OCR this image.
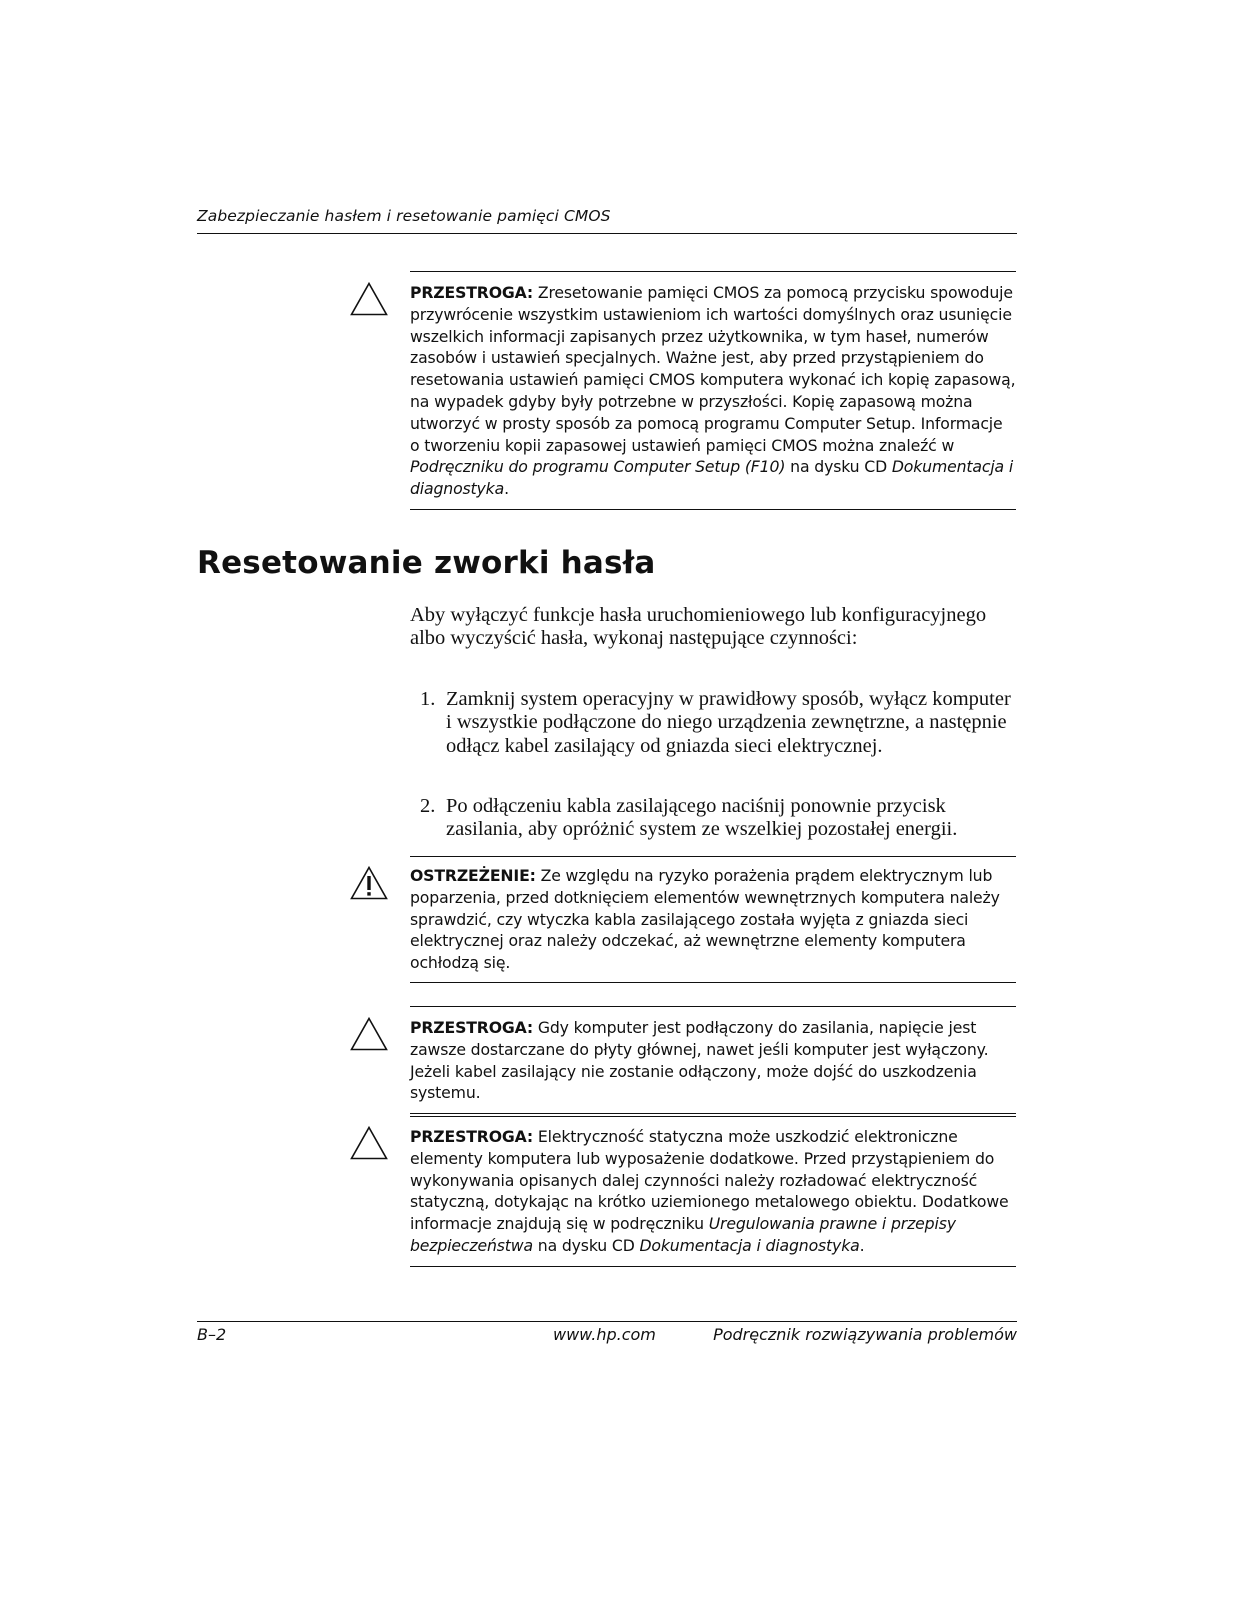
Zabezpieczanie hasłem i resetowanie pamięci CMOS

PRZESTROGA: Zresetowanie pamięci CMOS za pomocą przycisku spowoduje przywrócenie wszystkim ustawieniom ich wartości domyślnych oraz usunięcie wszelkich informacji zapisanych przez użytkownika, w tym haseł, numerów zasobów i ustawień specjalnych. Ważne jest, aby przed przystąpieniem do resetowania ustawień pamięci CMOS komputera wykonać ich kopię zapasową, na wypadek gdyby były potrzebne w przyszłości. Kopię zapasową można utworzyć w prosty sposób za pomocą programu Computer Setup. Informacje o tworzeniu kopii zapasowej ustawień pamięci CMOS można znaleźć w Podręczniku do programu Computer Setup (F10) na dysku CD Dokumentacja i diagnostyka.

Resetowanie zworki hasła

Aby wyłączyć funkcje hasła uruchomieniowego lub konfiguracyjnego albo wyczyścić hasła, wykonaj następujące czynności:

1. Zamknij system operacyjny w prawidłowy sposób, wyłącz komputer i wszystkie podłączone do niego urządzenia zewnętrzne, a następnie odłącz kabel zasilający od gniazda sieci elektrycznej.
2. Po odłączeniu kabla zasilającego naciśnij ponownie przycisk zasilania, aby opróżnić system ze wszelkiej pozostałej energii.

OSTRZEŻENIE: Ze względu na ryzyko porażenia prądem elektrycznym lub poparzenia, przed dotknięciem elementów wewnętrznych komputera należy sprawdzić, czy wtyczka kabla zasilającego została wyjęta z gniazda sieci elektrycznej oraz należy odczekać, aż wewnętrzne elementy komputera ochłodzą się.

PRZESTROGA: Gdy komputer jest podłączony do zasilania, napięcie jest zawsze dostarczane do płyty głównej, nawet jeśli komputer jest wyłączony. Jeżeli kabel zasilający nie zostanie odłączony, może dojść do uszkodzenia systemu.

PRZESTROGA: Elektryczność statyczna może uszkodzić elektroniczne elementy komputera lub wyposażenie dodatkowe. Przed przystąpieniem do wykonywania opisanych dalej czynności należy rozładować elektryczność statyczną, dotykając na krótko uziemionego metalowego obiektu. Dodatkowe informacje znajdują się w podręczniku Uregulowania prawne i przepisy bezpieczeństwa na dysku CD Dokumentacja i diagnostyka.

B–2	www.hp.com	Podręcznik rozwiązywania problemów
